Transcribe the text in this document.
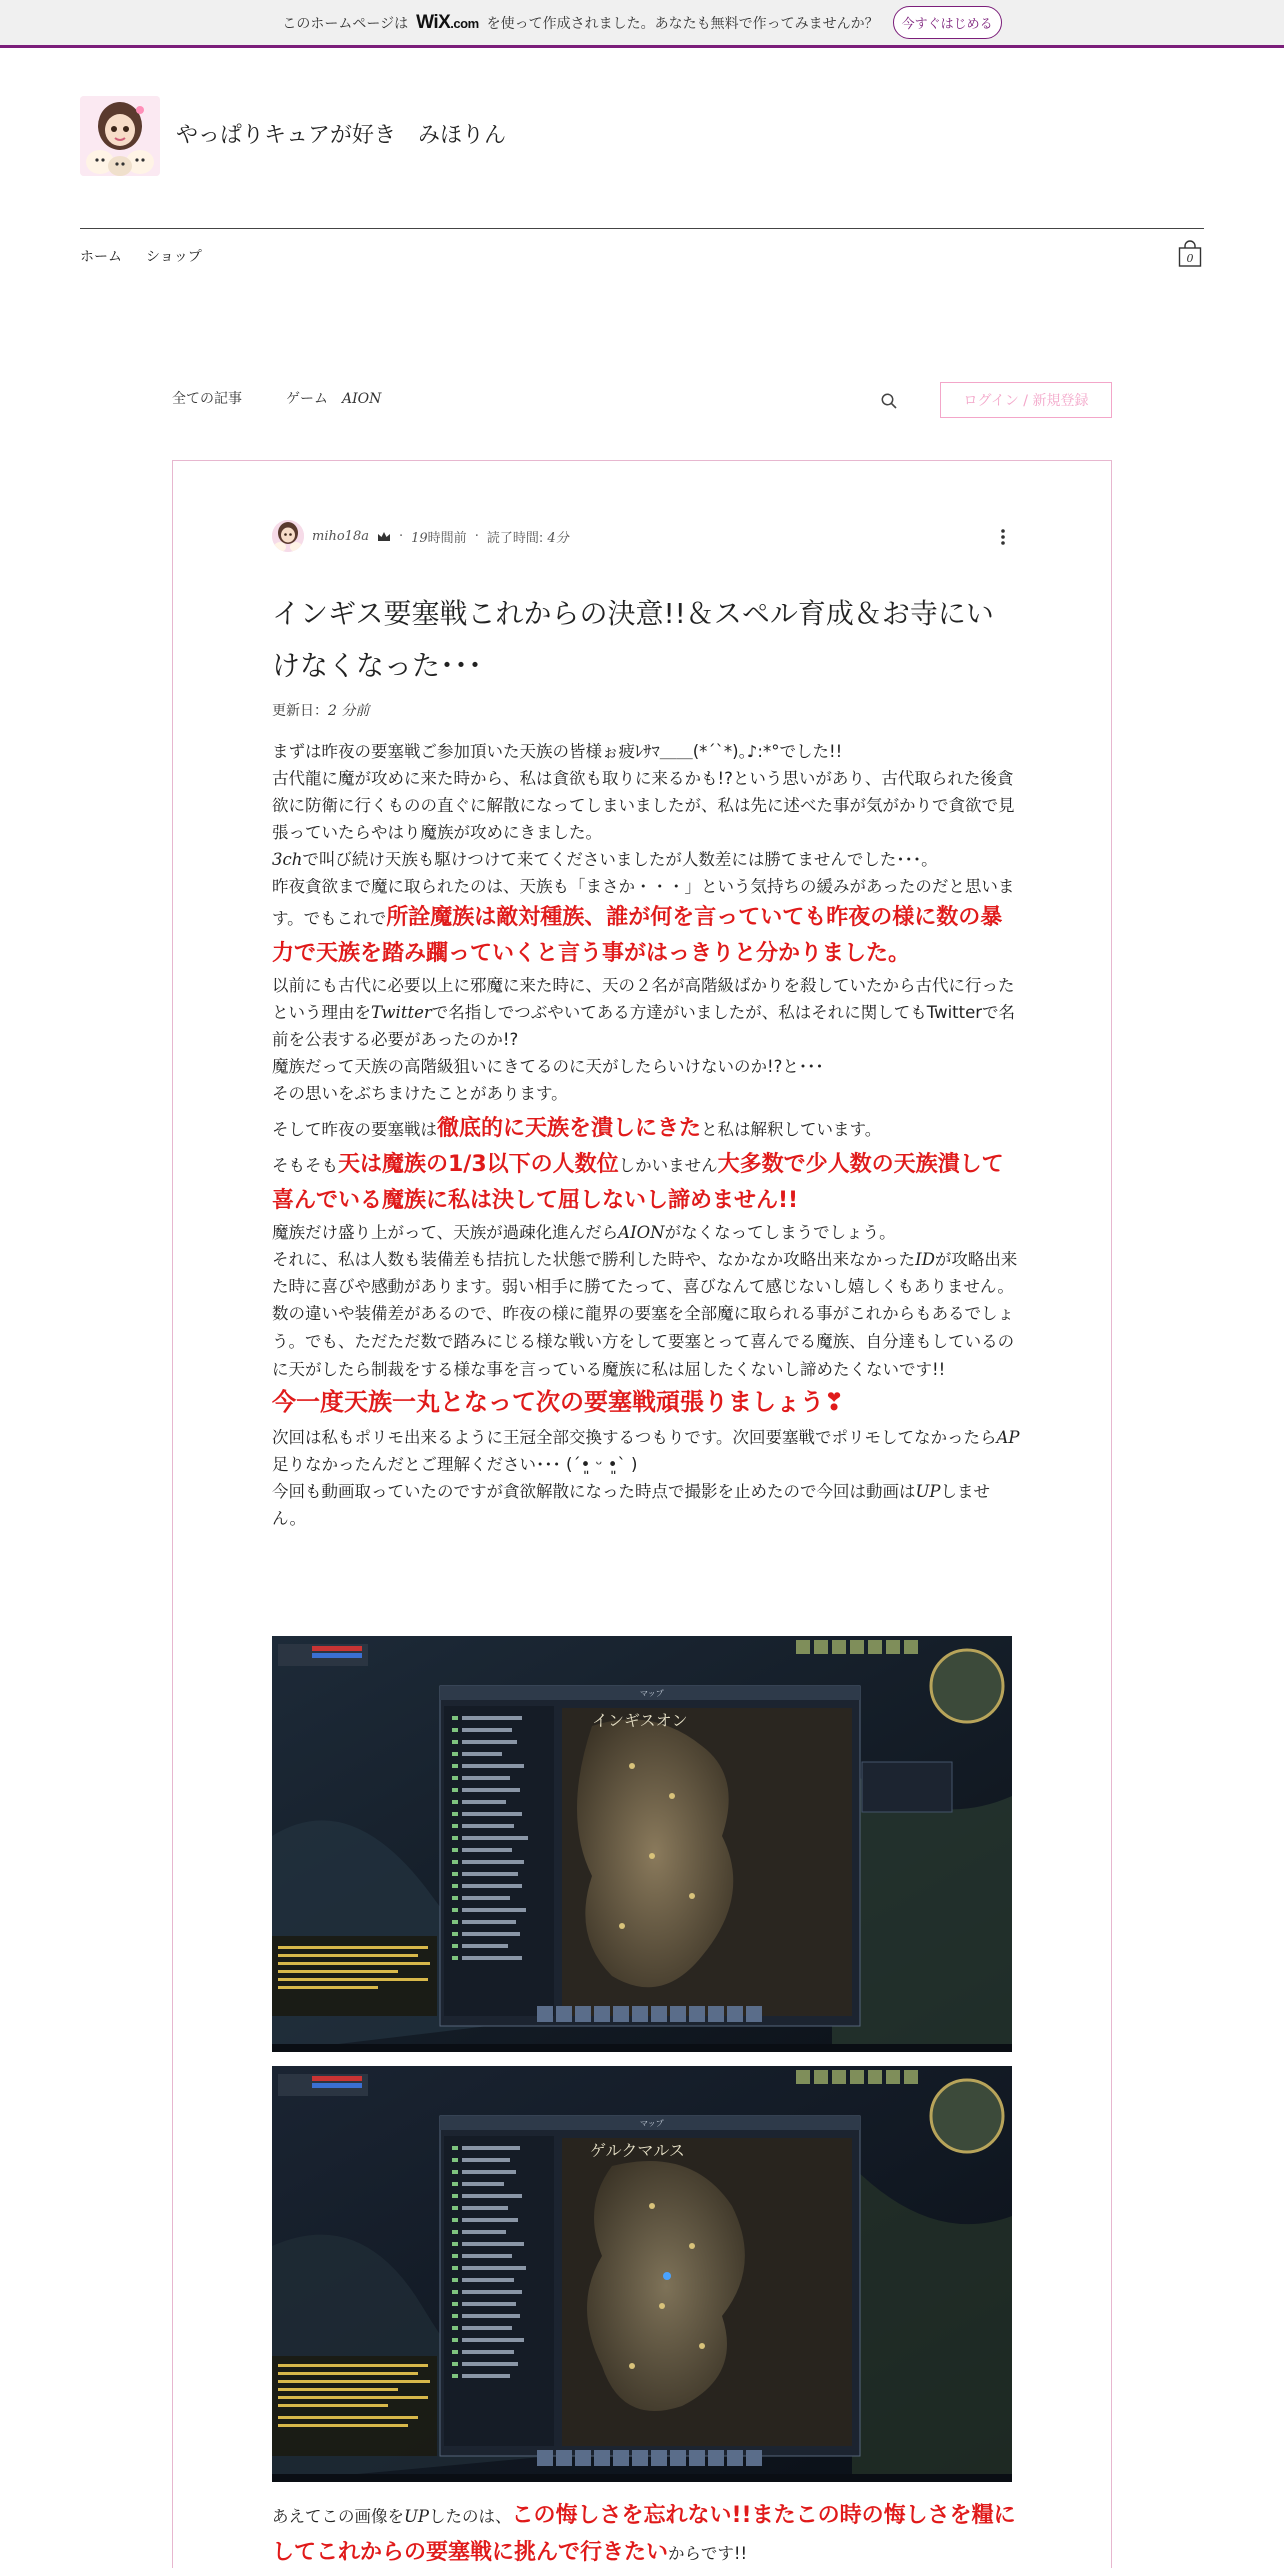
このホームページは WiX.com を使って作成されました。あなたも無料で作ってみませんか？	今すぐはじめる
やっぱりキュアが好き　みほりん
ホーム ショップ	0
全ての記事	ゲーム　 AION	ログイン / 新規登録
miho18a · 19時間前 · 読了時間: 4分
インギス要塞戦これからの決意!!＆スペル育成＆お寺にいけなくなった･･･
更新日：2 分前

まずは昨夜の要塞戦ご参加頂いた天族の皆様ぉ疲ﾚｻﾏ＿＿(*ˊˋ*)｡♪:*°でした!!

古代龍に魔が攻めに来た時から、私は貪欲も取りに来るかも!?という思いがあり、古代取られた後貪欲に防衛に行くものの直ぐに解散になってしまいましたが、私は先に述べた事が気がかりで貪欲で見張っていたらやはり魔族が攻めにきました。

3chで叫び続け天族も駆けつけて来てくださいましたが人数差には勝てませんでした･･･。

昨夜貪欲まで魔に取られたのは、天族も「まさか・・・」という気持ちの緩みがあったのだと思います。でもこれで所詮魔族は敵対種族、誰が何を言っていても昨夜の様に数の暴力で天族を踏み躙っていくと言う事がはっきりと分かりました。

以前にも古代に必要以上に邪魔に来た時に、天の２名が高階級ばかりを殺していたから古代に行ったという理由をTwitterで名指しでつぶやいてある方達がいましたが、私はそれに関してもTwitterで名前を公表する必要があったのか!?

魔族だって天族の高階級狙いにきてるのに天がしたらいけないのか!?と･･･

その思いをぶちまけたことがあります。

そして昨夜の要塞戦は徹底的に天族を潰しにきたと私は解釈しています。

そもそも天は魔族の1/3以下の人数位しかいません大多数で少人数の天族潰して喜んでいる魔族に私は決して屈しないし諦めません!!

魔族だけ盛り上がって、天族が過疎化進んだらAIONがなくなってしまうでしょう。

それに、私は人数も装備差も拮抗した状態で勝利した時や、なかなか攻略出来なかったIDが攻略出来た時に喜びや感動があります。弱い相手に勝てたって、喜びなんて感じないし嬉しくもありません。

数の違いや装備差があるので、昨夜の様に龍界の要塞を全部魔に取られる事がこれからもあるでしょう。でも、ただただ数で踏みにじる様な戦い方をして要塞とって喜んでる魔族、自分達もしているのに天がしたら制裁をする様な事を言っている魔族に私は屈したくないし諦めたくないです!!

今一度天族一丸となって次の要塞戦頑張りましょう❣

次回は私もポリモ出来るように王冠全部交換するつもりです。次回要塞戦でポリモしてなかったらAP足りなかったんだとご理解ください･･･ (ˊ•͈ ᵕ •͈ˋ )

今回も動画取っていたのですが貪欲解散になった時点で撮影を止めたので今回は動画はUPしません。

インギスオン
マップ
ゲルクマルス
マップ
あえてこの画像をUPしたのは、この悔しさを忘れない!!またこの時の悔しさを糧にしてこれからの要塞戦に挑んで行きたいからです!!
